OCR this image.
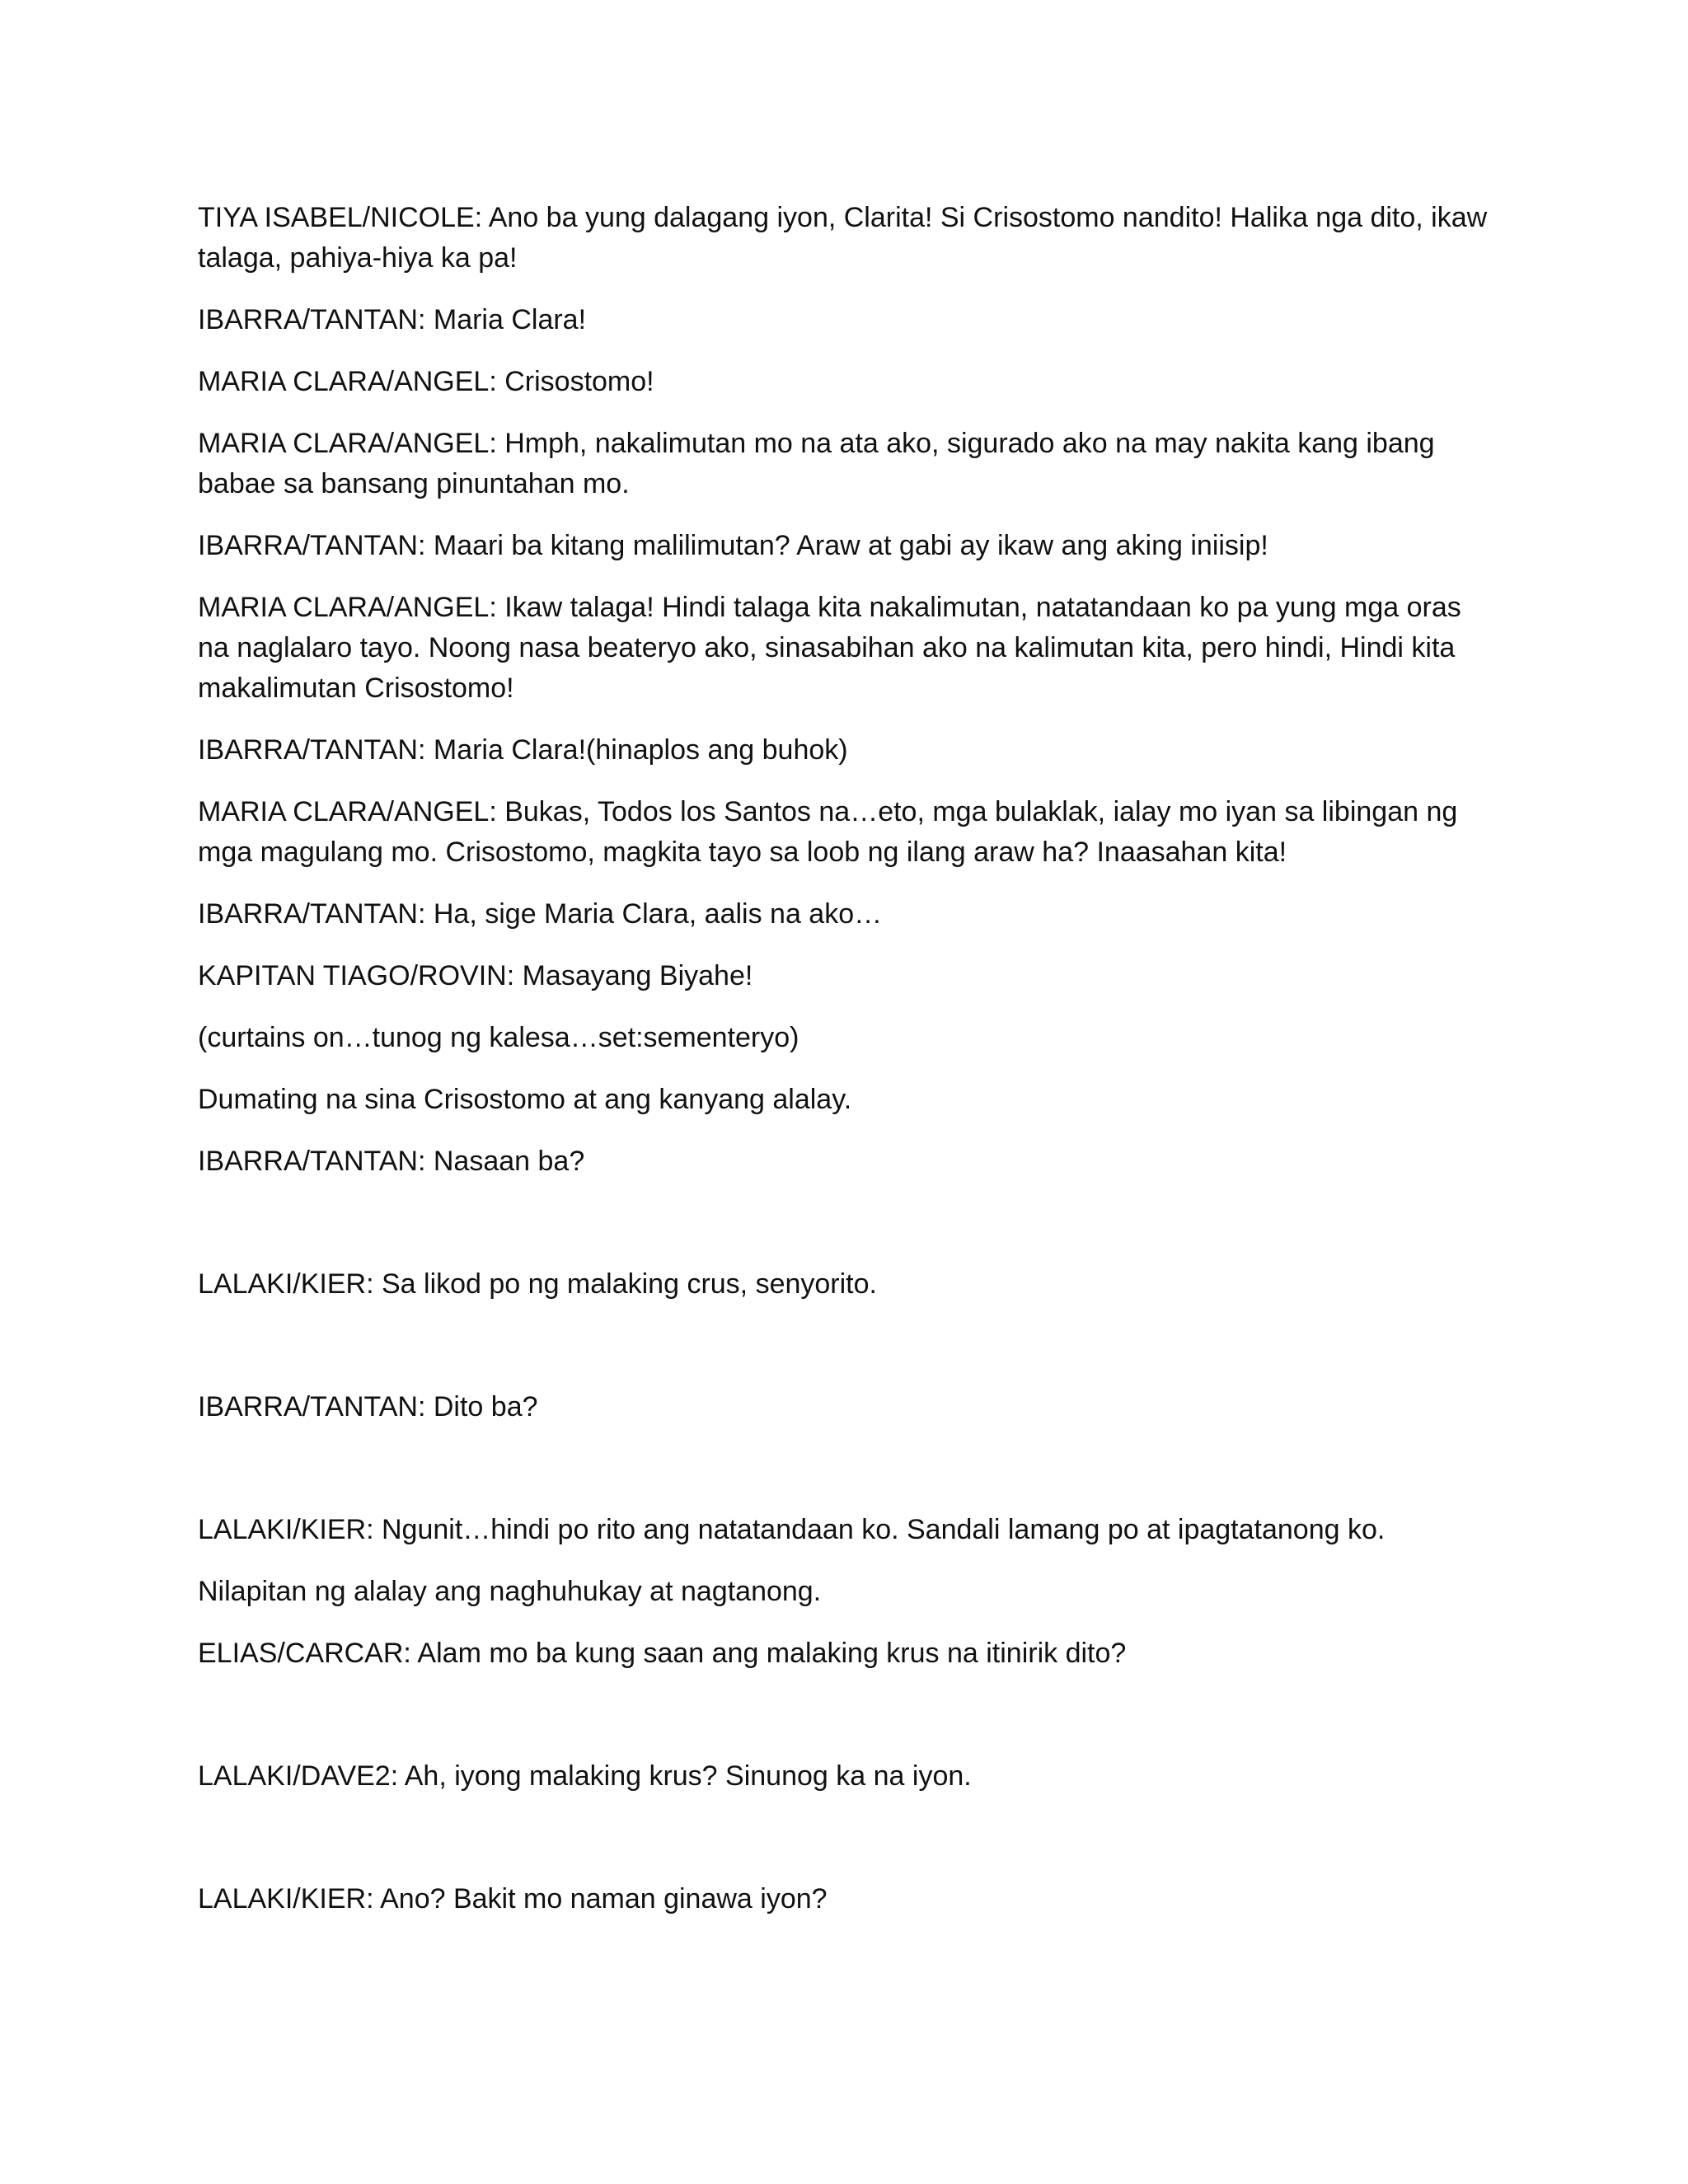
TIYA ISABEL/NICOLE: Ano ba yung dalagang iyon, Clarita! Si Crisostomo nandito! Halika nga dito, ikaw talaga, pahiya-hiya ka pa!

IBARRA/TANTAN: Maria Clara!

MARIA CLARA/ANGEL: Crisostomo!

MARIA CLARA/ANGEL: Hmph, nakalimutan mo na ata ako, sigurado ako na may nakita kang ibang babae sa bansang pinuntahan mo.

IBARRA/TANTAN: Maari ba kitang malilimutan? Araw at gabi ay ikaw ang aking iniisip!

MARIA CLARA/ANGEL: Ikaw talaga! Hindi talaga kita nakalimutan, natatandaan ko pa yung mga oras na naglalaro tayo. Noong nasa beateryo ako, sinasabihan ako na kalimutan kita, pero hindi, Hindi kita makalimutan Crisostomo!

IBARRA/TANTAN: Maria Clara!(hinaplos ang buhok)

MARIA CLARA/ANGEL: Bukas, Todos los Santos na…eto, mga bulaklak, ialay mo iyan sa libingan ng mga magulang mo. Crisostomo, magkita tayo sa loob ng ilang araw ha? Inaasahan kita!

IBARRA/TANTAN: Ha, sige Maria Clara, aalis na ako…

KAPITAN TIAGO/ROVIN: Masayang Biyahe!

(curtains on…tunog ng kalesa…set:sementeryo)

Dumating na sina Crisostomo at ang kanyang alalay.

IBARRA/TANTAN: Nasaan ba?

LALAKI/KIER: Sa likod po ng malaking crus, senyorito.

IBARRA/TANTAN: Dito ba?

LALAKI/KIER: Ngunit…hindi po rito ang natatandaan ko. Sandali lamang po at ipagtatanong ko.

Nilapitan ng alalay ang naghuhukay at nagtanong.

ELIAS/CARCAR: Alam mo ba kung saan ang malaking krus na itinirik dito?

LALAKI/DAVE2: Ah, iyong malaking krus? Sinunog ka na iyon.

LALAKI/KIER: Ano? Bakit mo naman ginawa iyon?
